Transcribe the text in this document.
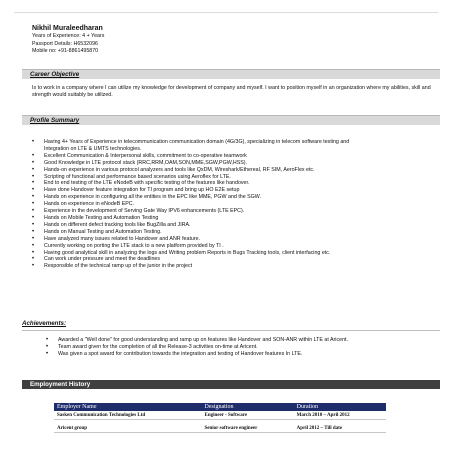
Nikhil Muraleedharan
Years of Experience: 4 + Years
Passport Details: H6532096
Mobile no: +91-8861495870
Career Objective
Is to work in a company where I can utilize my knowledge for development of company and myself. I want to position myself in an organization where my abilities, skill and strength would suitably be utilized.
Profile Summary
• Having 4+ Years of Experience in telecommunication communication domain (4G/3G), specializing in telecom software testing and Integration on LTE & UMTS technologies.
• Excellent Communication & Interpersonal skills, commitment to co-operative teamwork
• Good Knowledge in LTE protocol stack (RRC,RRM,OAM,SON,MME,SGW,PGW,HSS).
• Hands-on experience in various protocol analyzers and tools like QxDM, Wireshark/Ethereal, RF SIM, AeroFlex etc.
• Scripting of functional and performance based scenarios using Aeroflex for LTE.
• End to end testing of the LTE eNodeB with specific testing of the features like handover.
• Have done Handover feature integration for TI program and bring up HO E2E setup
• Hands on experience in configuring all the entities in the EPC like MME, PGW and the SGW.
• Hands on experience in eNodeB EPC.
• Experience in the development of Serving Gate Way IPV6 enhancements (LTE EPC).
• Hands on Mobile Testing and Automation Testing
• Hands on different defect tracking tools like BugZilla and JIRA.
• Hands on Manual Testing and Automation Testing.
• Have analyzed many issues related to Handover and ANR feature.
• Currently working on porting the LTE stack to a new platform provided by TI .
• Having good analytical skill in analyzing the logs and Writing problem Reports in Bugs Tracking tools, client interfacing etc.
• Can work under pressure and meet the deadlines
• Responsible of the technical ramp up of the junior in the project
Achievements:
• Awarded a "Well done" for good understanding and ramp up on features like Handover and SON-ANR within LTE at Aricent.
• Team award given for the completion of all the Release-3 activities on-time at Aricent.
• Was given a spot award for contribution towards the integration and testing of Handover features In LTE.
Employment History
Employer Name	Designation	Duration
Sasken Communication Technologies Ltd	Engineer - Software	March 2010 – April 2012

Aricent group	Senior software engineer	April 2012 – Till date
